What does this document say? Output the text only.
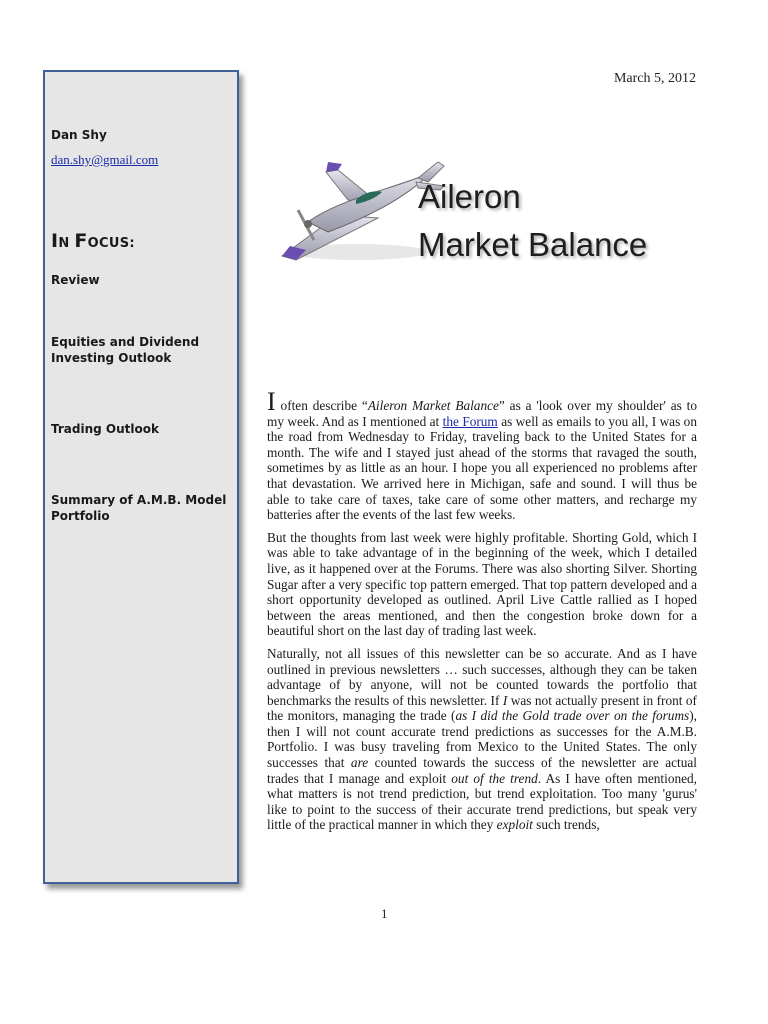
Dan Shy
dan.shy@gmail.com
IN FOCUS:
Review
Equities and Dividend Investing Outlook
Trading Outlook
Summary of A.M.B. Model Portfolio
March 5, 2012
Aileron
Market Balance

I often describe “Aileron Market Balance” as a 'look over my shoulder' as to my week. And as I mentioned at the Forum as well as emails to you all, I was on the road from Wednesday to Friday, traveling back to the United States for a month. The wife and I stayed just ahead of the storms that ravaged the south, sometimes by as little as an hour. I hope you all experienced no problems after that devastation. We arrived here in Michigan, safe and sound. I will thus be able to take care of taxes, take care of some other matters, and recharge my batteries after the events of the last few weeks.

But the thoughts from last week were highly profitable. Shorting Gold, which I was able to take advantage of in the beginning of the week, which I detailed live, as it happened over at the Forums. There was also shorting Silver. Shorting Sugar after a very specific top pattern emerged. That top pattern developed and a short opportunity developed as outlined. April Live Cattle rallied as I hoped between the areas mentioned, and then the congestion broke down for a beautiful short on the last day of trading last week.

Naturally, not all issues of this newsletter can be so accurate. And as I have outlined in previous newsletters … such successes, although they can be taken advantage of by anyone, will not be counted towards the portfolio that benchmarks the results of this newsletter. If I was not actually present in front of the monitors, managing the trade (as I did the Gold trade over on the forums), then I will not count accurate trend predictions as successes for the A.M.B. Portfolio. I was busy traveling from Mexico to the United States. The only successes that are counted towards the success of the newsletter are actual trades that I manage and exploit out of the trend. As I have often mentioned, what matters is not trend prediction, but trend exploitation. Too many 'gurus' like to point to the success of their accurate trend predictions, but speak very little of the practical manner in which they exploit such trends,

1
